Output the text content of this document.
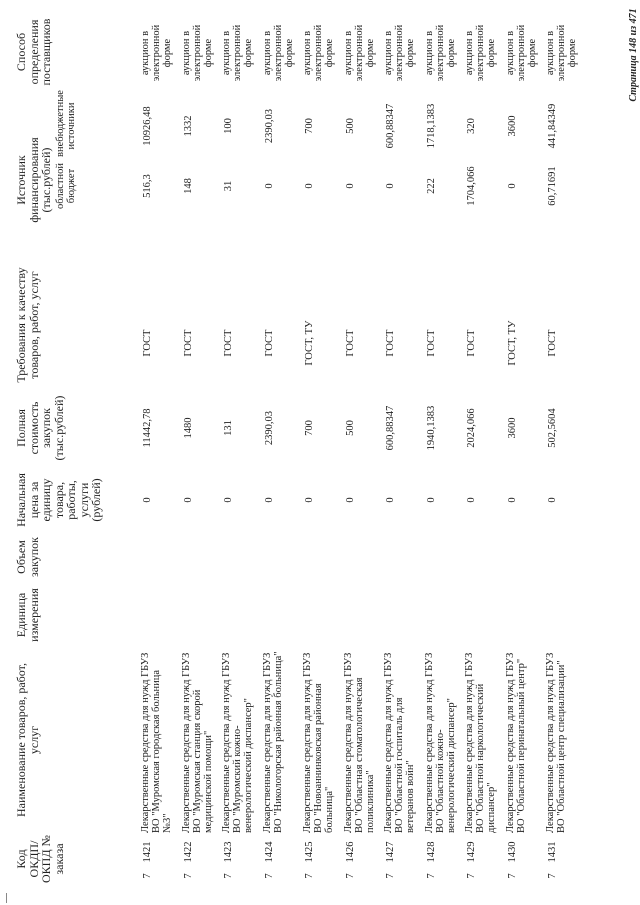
Код ОКДП/ ОКПД № заказа
Наименование товаров, работ, услуг
Единица измерения
Объем закупок
Начальная цена за единицу товара, работы, услуги (рублей)
Полная стоимость закупок (тыс.рублей)
Требования к качеству товаров, работ, услуг
Источник финансирования (тыс.рублей) областной бюджет
внебюджетные источники
Способ определения поставщиков
7
1421
Лекарственные средства для нужд ГБУЗ ВО "Муромская городская больница №3"
0
11442,78
ГОСТ
516,3
10926,48
аукцион в электронной форме
7
1422
Лекарственные средства для нужд ГБУЗ ВО "Муромская станция скорой медицинской помощи"
0
1480
ГОСТ
148
1332
аукцион в электронной форме
7
1423
Лекарственные средства для нужд ГБУЗ ВО "Муромский кожно-венерологический диспансер"
0
131
ГОСТ
31
100
аукцион в электронной форме
7
1424
Лекарственные средства для нужд ГБУЗ ВО "Никологорская районная больница"
0
2390,03
ГОСТ
0
2390,03
аукцион в электронной форме
7
1425
Лекарственные средства для нужд ГБУЗ ВО "Новоаннинковская районная больница"
0
700
ГОСТ, ТУ
0
700
аукцион в электронной форме
7
1426
Лекарственные средства для нужд ГБУЗ ВО "Областная стоматологическая поликлиника"
0
500
ГОСТ
0
500
аукцион в электронной форме
7
1427
Лекарственные средства для нужд ГБУЗ ВО "Областной госпиталь для ветеранов войн"
0
600,88347
ГОСТ
0
600,88347
аукцион в электронной форме
7
1428
Лекарственные средства для нужд ГБУЗ ВО "Областной кожно-венерологический диспансер"
0
1940,1383
ГОСТ
222
1718,1383
аукцион в электронной форме
7
1429
Лекарственные средства для нужд ГБУЗ ВО "Областной наркологический диспансер"
0
2024,066
ГОСТ
1704,066
320
аукцион в электронной форме
7
1430
Лекарственные средства для нужд ГБУЗ ВО "Областной перинатальный центр"
0
3600
ГОСТ, ТУ
0
3600
аукцион в электронной форме
7
1431
Лекарственные средства для нужд ГБУЗ ВО "Областной центр специализации"
0
502,5604
ГОСТ
60,71691
441,84349
аукцион в электронной форме	Страница 148 из 471
